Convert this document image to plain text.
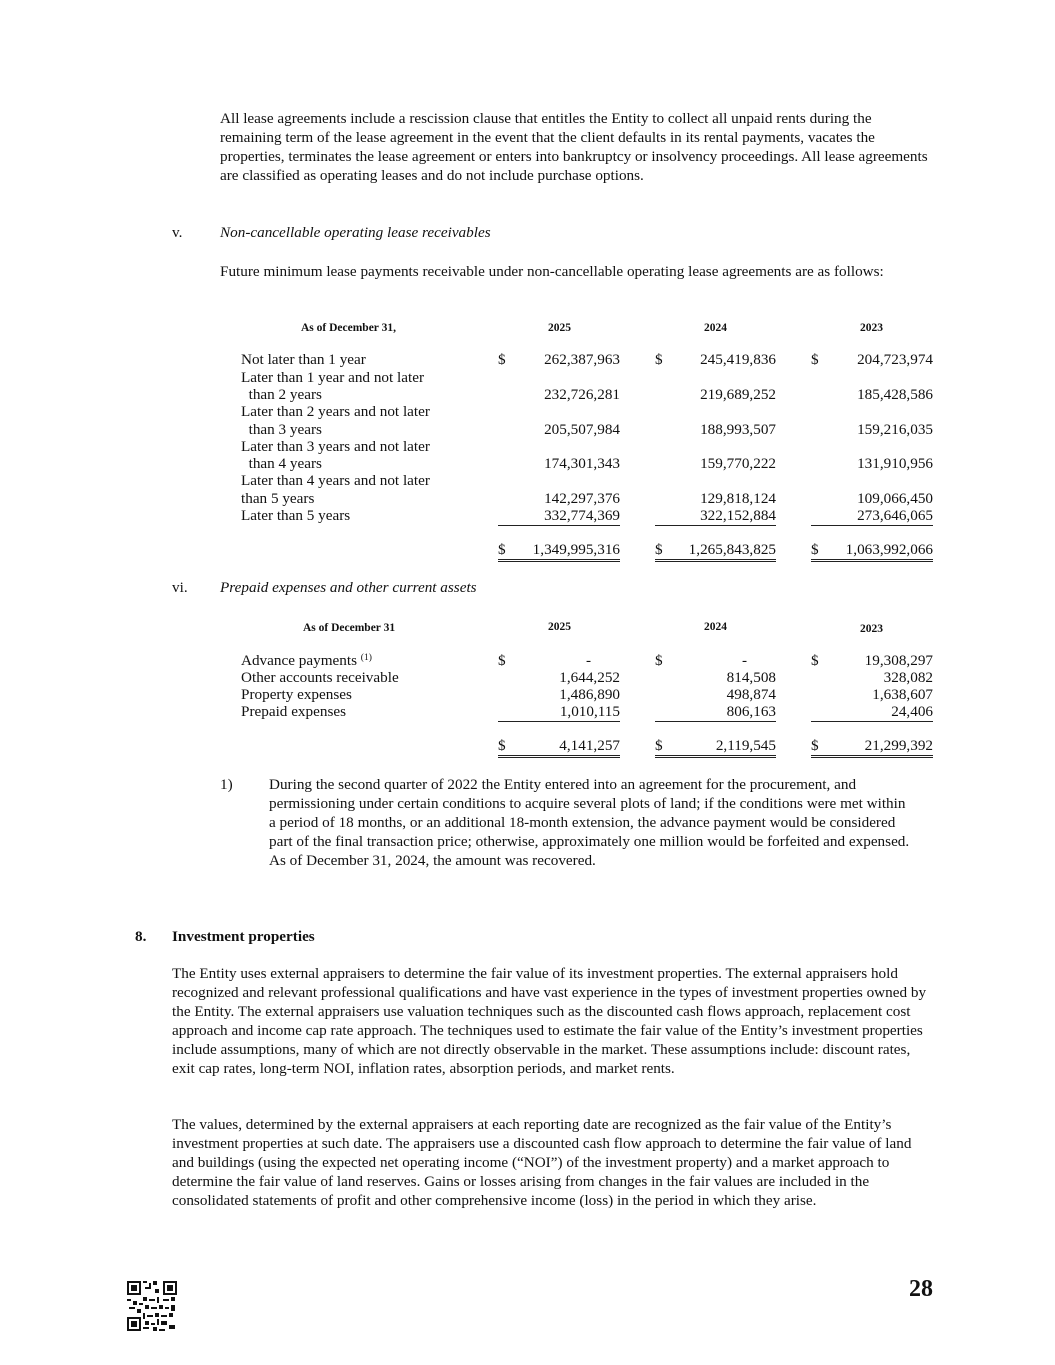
All lease agreements include a rescission clause that entitles the Entity to collect all unpaid rents during the remaining term of the lease agreement in the event that the client defaults in its rental payments, vacates the properties, terminates the lease agreement or enters into bankruptcy or insolvency proceedings. All lease agreements are classified as operating leases and do not include purchase options.
v. Non-cancellable operating lease receivables
Future minimum lease payments receivable under non-cancellable operating lease agreements are as follows:
As of December 31,	2025	2024	2023
Not later than 1 year	$	262,387,963 $	245,419,836 $	204,723,974
Later than 1 year and not later
than 2 years	232,726,281	219,689,252	185,428,586
Later than 2 years and not later
than 3 years	205,507,984	188,993,507	159,216,035
Later than 3 years and not later
than 4 years	174,301,343	159,770,222	131,910,956
Later than 4 years and not later
than 5 years	142,297,376	129,818,124	109,066,450
Later than 5 years	332,774,369	322,152,884	273,646,065
$ 1,349,995,316 $ 1,265,843,825 $ 1,063,992,066
vi. Prepaid expenses and other current assets
As of December 31	2025	2024	2023
Advance payments $^{(1)}$	$	-	$	-	$	19,308,297
Other accounts receivable	1,644,252	814,508	328,082
Property expenses	1,486,890	498,874	1,638,607
Prepaid expenses	1,010,115	806,163	24,406
$	4,141,257 $	2,119,545 $	21,299,392
1) During the second quarter of 2022 the Entity entered into an agreement for the procurement, and permissioning under certain conditions to acquire several plots of land; if the conditions were met within a period of 18 months, or an additional 18-month extension, the advance payment would be considered part of the final transaction price; otherwise, approximately one million would be forfeited and expensed. As of December 31, 2024, the amount was recovered.
8. Investment properties
The Entity uses external appraisers to determine the fair value of its investment properties. The external appraisers hold recognized and relevant professional qualifications and have vast experience in the types of investment properties owned by the Entity. The external appraisers use valuation techniques such as the discounted cash flows approach, replacement cost approach and income cap rate approach. The techniques used to estimate the fair value of the Entity’s investment properties include assumptions, many of which are not directly observable in the market. These assumptions include: discount rates, exit cap rates, long-term NOI, inflation rates, absorption periods, and market rents.
The values, determined by the external appraisers at each reporting date are recognized as the fair value of the Entity’s investment properties at such date. The appraisers use a discounted cash flow approach to determine the fair value of land and buildings (using the expected net operating income (“NOI”) of the investment property) and a market approach to determine the fair value of land reserves. Gains or losses arising from changes in the fair values are included in the consolidated statements of profit and other comprehensive income (loss) in the period in which they arise.
28
